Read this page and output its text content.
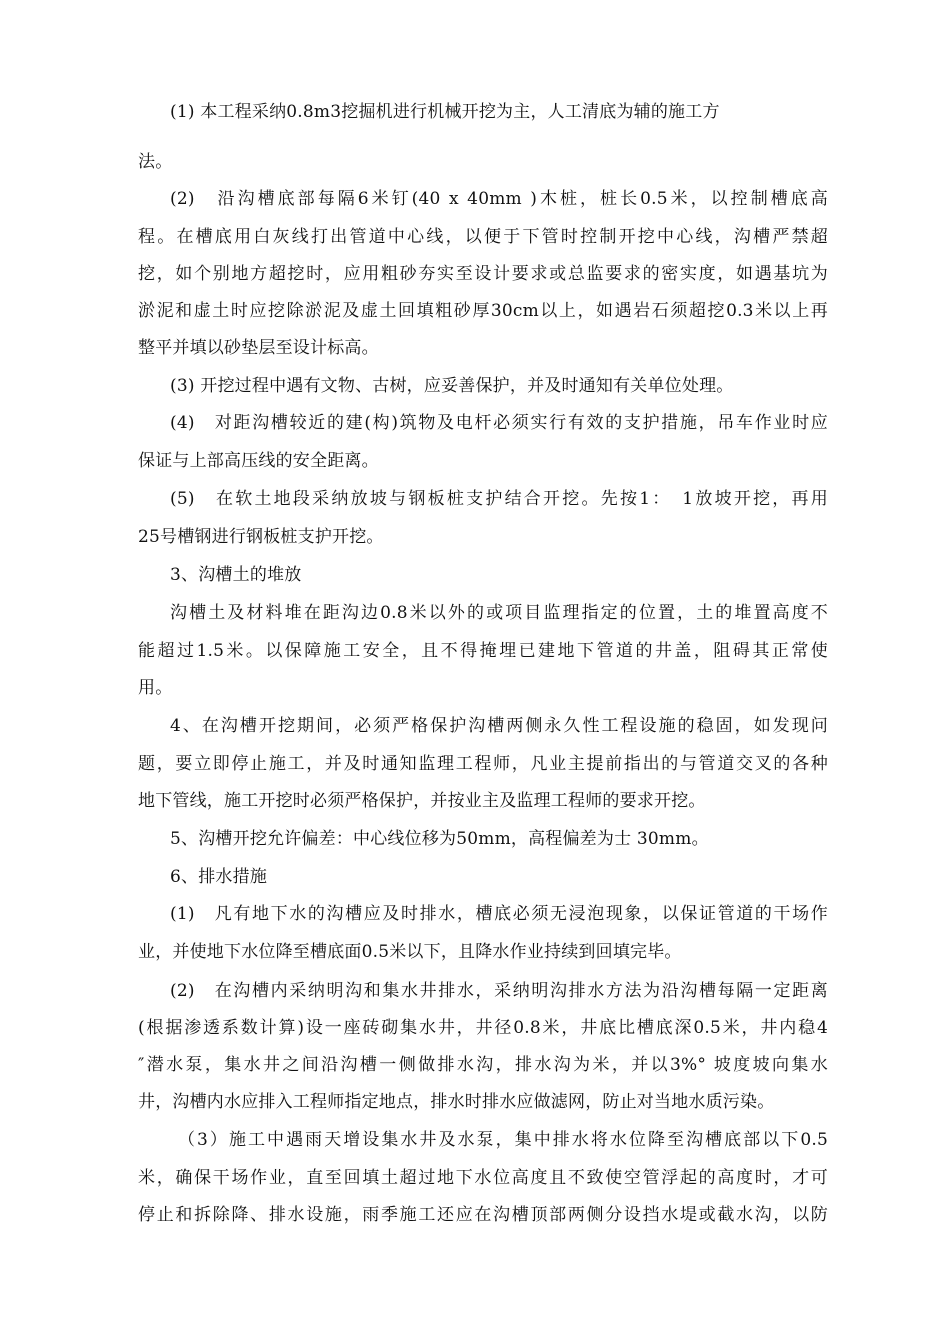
(1) 本工程采纳0.8m3挖掘机进行机械开挖为主，人工清底为辅的施工方
法。
(2)　沿沟槽底部每隔6米钉(40 x 40mm )木桩，桩长0.5米，以控制槽底高
程。在槽底用白灰线打出管道中心线，以便于下管时控制开挖中心线，沟槽严禁超
挖，如个别地方超挖时，应用粗砂夯实至设计要求或总监要求的密实度，如遇基坑为
淤泥和虚土时应挖除淤泥及虚土回填粗砂厚30cm以上，如遇岩石须超挖0.3米以上再
整平并填以砂垫层至设计标高。
(3) 开挖过程中遇有文物、古树，应妥善保护，并及时通知有关单位处理。
(4)　对距沟槽较近的建(构)筑物及电杆必须实行有效的支护措施，吊车作业时应
保证与上部高压线的安全距离。
(5)　在软土地段采纳放坡与钢板桩支护结合开挖。先按1：　1放坡开挖，再用
25号槽钢进行钢板桩支护开挖。
3、沟槽土的堆放
沟槽土及材料堆在距沟边0.8米以外的或项目监理指定的位置，土的堆置高度不
能超过1.5米。以保障施工安全，且不得掩埋已建地下管道的井盖，阻碍其正常使
用。
4、在沟槽开挖期间，必须严格保护沟槽两侧永久性工程设施的稳固，如发现问
题，要立即停止施工，并及时通知监理工程师，凡业主提前指出的与管道交叉的各种
地下管线，施工开挖时必须严格保护，并按业主及监理工程师的要求开挖。
5、沟槽开挖允许偏差：中心线位移为50mm，高程偏差为士 30mm。
6、排水措施
(1)　凡有地下水的沟槽应及时排水，槽底必须无浸泡现象，以保证管道的干场作
业，并使地下水位降至槽底面0.5米以下，且降水作业持续到回填完毕。
(2)　在沟槽内采纳明沟和集水井排水，采纳明沟排水方法为沿沟槽每隔一定距离
(根据渗透系数计算)设一座砖砌集水井，井径0.8米，井底比槽底深0.5米，井内稳4
″潜水泵，集水井之间沿沟槽一侧做排水沟，排水沟为米，并以3%° 坡度坡向集水
井，沟槽内水应排入工程师指定地点，排水时排水应做滤网，防止对当地水质污染。
（3）施工中遇雨天增设集水井及水泵，集中排水将水位降至沟槽底部以下0.5
米，确保干场作业，直至回填土超过地下水位高度且不致使空管浮起的高度时，才可
停止和拆除降、排水设施，雨季施工还应在沟槽顶部两侧分设挡水堤或截水沟，以防
